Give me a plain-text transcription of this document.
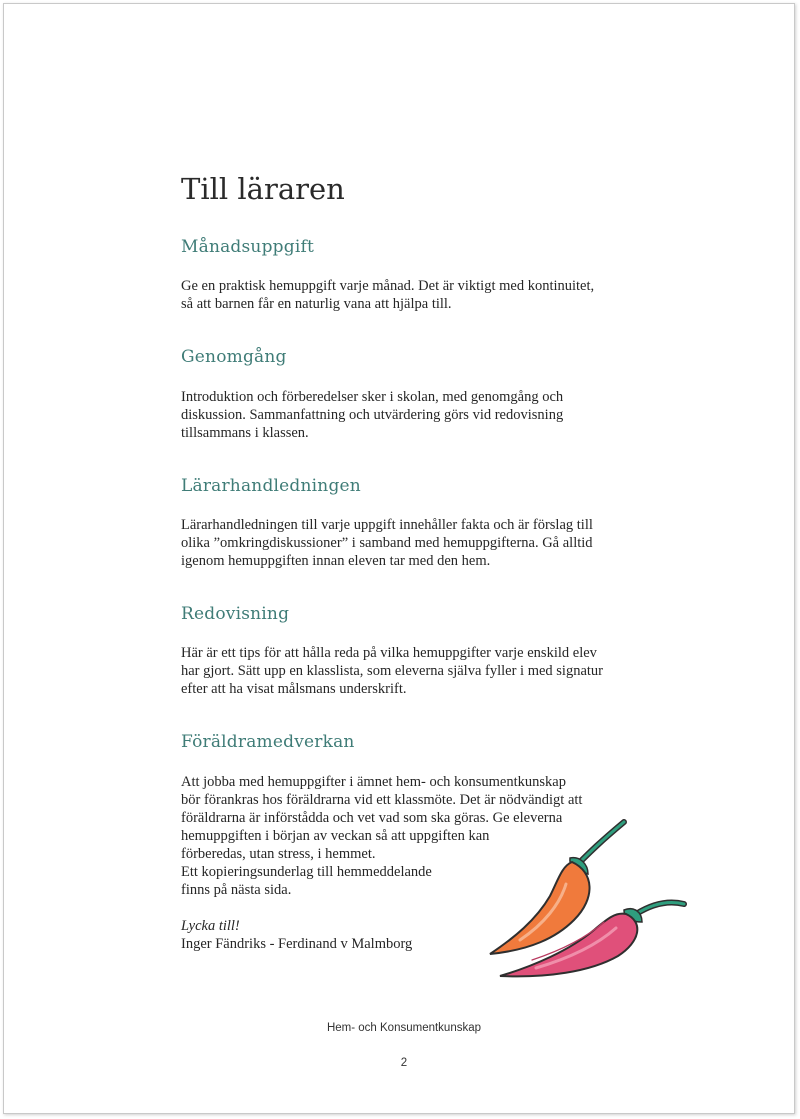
Till läraren
Månadsuppgift

Ge en praktisk hemuppgift varje månad. Det är viktigt med kontinuitet,
så att barnen får en naturlig vana att hjälpa till.

Genomgång

Introduktion och förberedelser sker i skolan, med genomgång och
diskussion. Sammanfattning och utvärdering görs vid redovisning
tillsammans i klassen.

Lärarhandledningen

Lärarhandledningen till varje uppgift innehåller fakta och är förslag till
olika ”omkringdiskussioner” i samband med hemuppgifterna. Gå alltid
igenom hemuppgiften innan eleven tar med den hem.

Redovisning

Här är ett tips för att hålla reda på vilka hemuppgifter varje enskild elev
har gjort. Sätt upp en klasslista, som eleverna själva fyller i med signatur
efter att ha visat målsmans underskrift.

Föräldramedverkan

Att jobba med hemuppgifter i ämnet hem- och konsumentkunskap
bör förankras hos föräldrarna vid ett klassmöte. Det är nödvändigt att
föräldrarna är införstådda och vet vad som ska göras. Ge eleverna
hemuppgiften i början av veckan så att uppgiften kan
förberedas, utan stress, i hemmet.
Ett kopieringsunderlag till hemmeddelande
finns på nästa sida.

Lycka till!
Inger Fändriks - Ferdinand v Malmborg

Hem- och Konsumentkunskap
2
